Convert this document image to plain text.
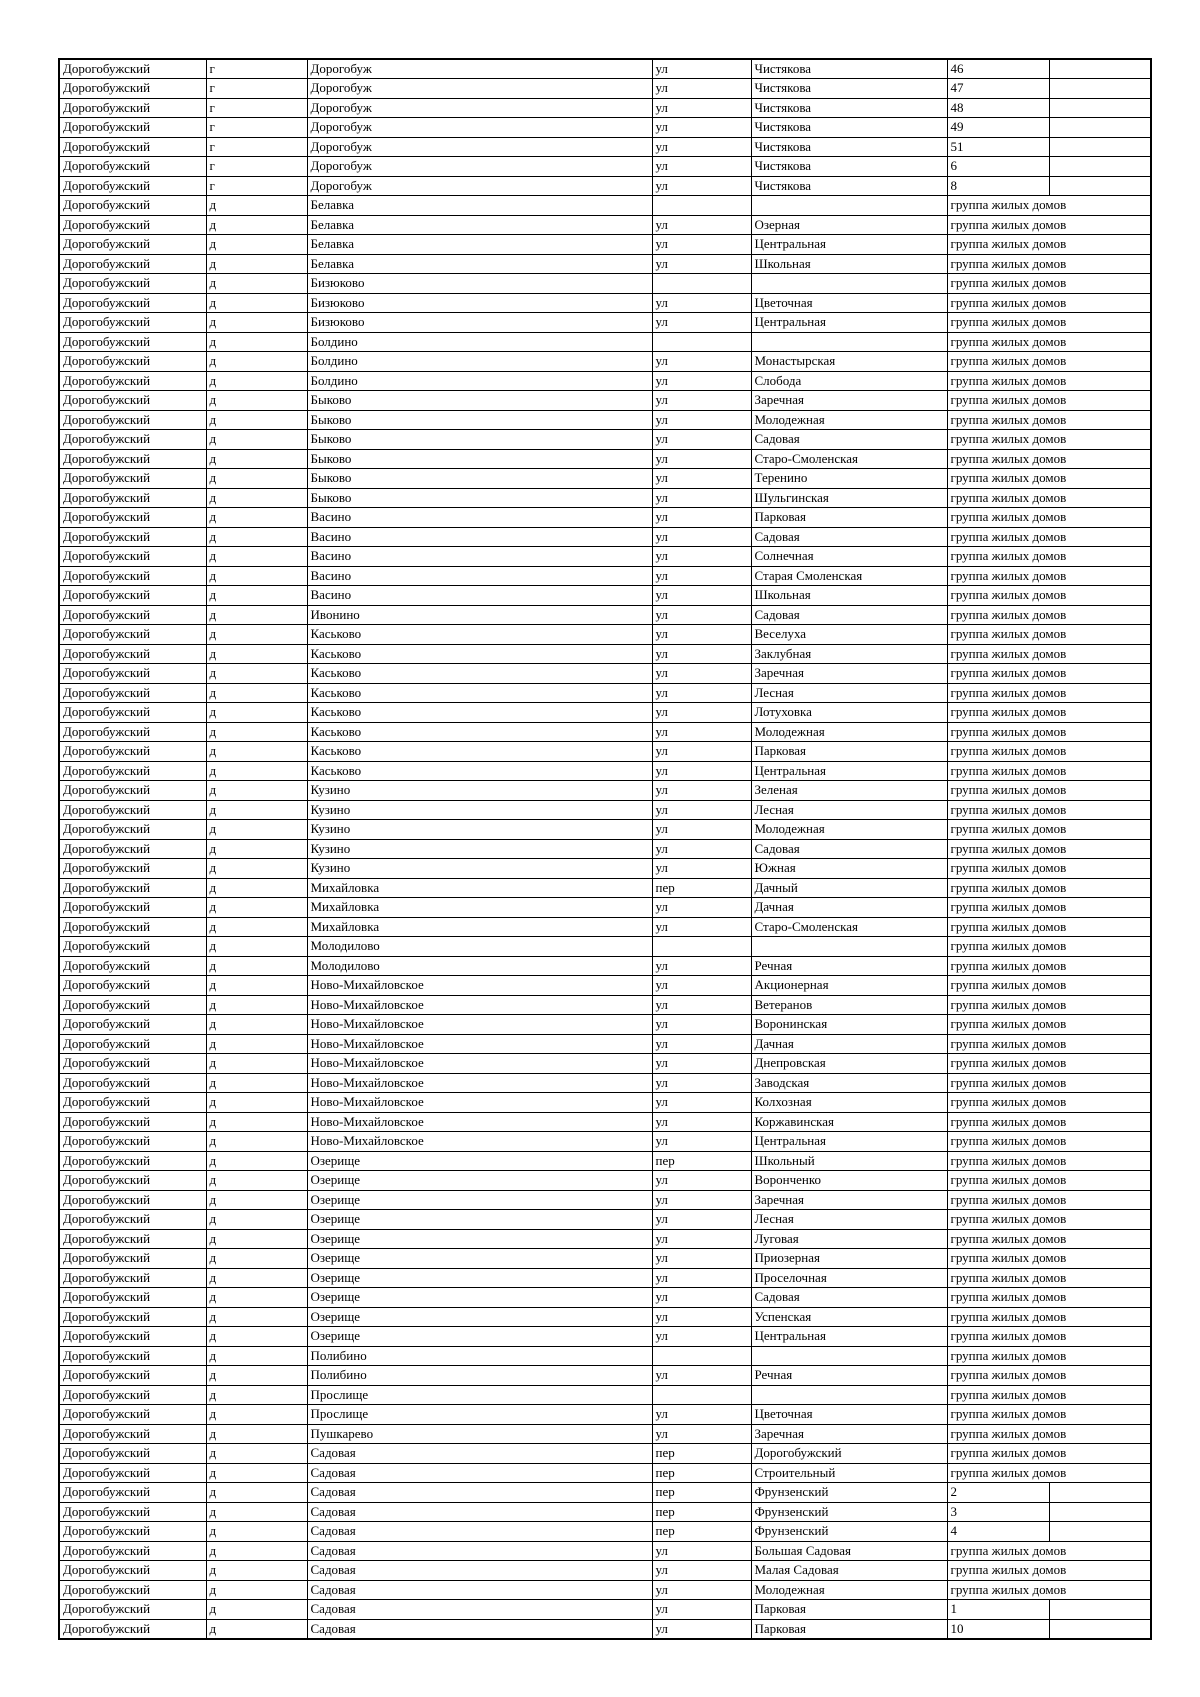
Дорогобужский	г	Дорогобуж	ул	Чистякова	46	
Дорогобужский	г	Дорогобуж	ул	Чистякова	47	
Дорогобужский	г	Дорогобуж	ул	Чистякова	48	
Дорогобужский	г	Дорогобуж	ул	Чистякова	49	
Дорогобужский	г	Дорогобуж	ул	Чистякова	51	
Дорогобужский	г	Дорогобуж	ул	Чистякова	6	
Дорогобужский	г	Дорогобуж	ул	Чистякова	8	
Дорогобужский	д	Белавка			группа жилых домов	
Дорогобужский	д	Белавка	ул	Озерная	группа жилых домов	
Дорогобужский	д	Белавка	ул	Центральная	группа жилых домов	
Дорогобужский	д	Белавка	ул	Школьная	группа жилых домов	
Дорогобужский	д	Бизюково			группа жилых домов	
Дорогобужский	д	Бизюково	ул	Цветочная	группа жилых домов	
Дорогобужский	д	Бизюково	ул	Центральная	группа жилых домов	
Дорогобужский	д	Болдино			группа жилых домов	
Дорогобужский	д	Болдино	ул	Монастырская	группа жилых домов	
Дорогобужский	д	Болдино	ул	Слобода	группа жилых домов	
Дорогобужский	д	Быково	ул	Заречная	группа жилых домов	
Дорогобужский	д	Быково	ул	Молодежная	группа жилых домов	
Дорогобужский	д	Быково	ул	Садовая	группа жилых домов	
Дорогобужский	д	Быково	ул	Старо-Смоленская	группа жилых домов	
Дорогобужский	д	Быково	ул	Теренино	группа жилых домов	
Дорогобужский	д	Быково	ул	Шульгинская	группа жилых домов	
Дорогобужский	д	Васино	ул	Парковая	группа жилых домов	
Дорогобужский	д	Васино	ул	Садовая	группа жилых домов	
Дорогобужский	д	Васино	ул	Солнечная	группа жилых домов	
Дорогобужский	д	Васино	ул	Старая Смоленская	группа жилых домов	
Дорогобужский	д	Васино	ул	Школьная	группа жилых домов	
Дорогобужский	д	Ивонино	ул	Садовая	группа жилых домов	
Дорогобужский	д	Каськово	ул	Веселуха	группа жилых домов	
Дорогобужский	д	Каськово	ул	Заклубная	группа жилых домов	
Дорогобужский	д	Каськово	ул	Заречная	группа жилых домов	
Дорогобужский	д	Каськово	ул	Лесная	группа жилых домов	
Дорогобужский	д	Каськово	ул	Лотуховка	группа жилых домов	
Дорогобужский	д	Каськово	ул	Молодежная	группа жилых домов	
Дорогобужский	д	Каськово	ул	Парковая	группа жилых домов	
Дорогобужский	д	Каськово	ул	Центральная	группа жилых домов	
Дорогобужский	д	Кузино	ул	Зеленая	группа жилых домов	
Дорогобужский	д	Кузино	ул	Лесная	группа жилых домов	
Дорогобужский	д	Кузино	ул	Молодежная	группа жилых домов	
Дорогобужский	д	Кузино	ул	Садовая	группа жилых домов	
Дорогобужский	д	Кузино	ул	Южная	группа жилых домов	
Дорогобужский	д	Михайловка	пер	Дачный	группа жилых домов	
Дорогобужский	д	Михайловка	ул	Дачная	группа жилых домов	
Дорогобужский	д	Михайловка	ул	Старо-Смоленская	группа жилых домов	
Дорогобужский	д	Молодилово			группа жилых домов	
Дорогобужский	д	Молодилово	ул	Речная	группа жилых домов	
Дорогобужский	д	Ново-Михайловское	ул	Акционерная	группа жилых домов	
Дорогобужский	д	Ново-Михайловское	ул	Ветеранов	группа жилых домов	
Дорогобужский	д	Ново-Михайловское	ул	Воронинская	группа жилых домов	
Дорогобужский	д	Ново-Михайловское	ул	Дачная	группа жилых домов	
Дорогобужский	д	Ново-Михайловское	ул	Днепровская	группа жилых домов	
Дорогобужский	д	Ново-Михайловское	ул	Заводская	группа жилых домов	
Дорогобужский	д	Ново-Михайловское	ул	Колхозная	группа жилых домов	
Дорогобужский	д	Ново-Михайловское	ул	Коржавинская	группа жилых домов	
Дорогобужский	д	Ново-Михайловское	ул	Центральная	группа жилых домов	
Дорогобужский	д	Озерище	пер	Школьный	группа жилых домов	
Дорогобужский	д	Озерище	ул	Воронченко	группа жилых домов	
Дорогобужский	д	Озерище	ул	Заречная	группа жилых домов	
Дорогобужский	д	Озерище	ул	Лесная	группа жилых домов	
Дорогобужский	д	Озерище	ул	Луговая	группа жилых домов	
Дорогобужский	д	Озерище	ул	Приозерная	группа жилых домов	
Дорогобужский	д	Озерище	ул	Проселочная	группа жилых домов	
Дорогобужский	д	Озерище	ул	Садовая	группа жилых домов	
Дорогобужский	д	Озерище	ул	Успенская	группа жилых домов	
Дорогобужский	д	Озерище	ул	Центральная	группа жилых домов	
Дорогобужский	д	Полибино			группа жилых домов	
Дорогобужский	д	Полибино	ул	Речная	группа жилых домов	
Дорогобужский	д	Прослище			группа жилых домов	
Дорогобужский	д	Прослище	ул	Цветочная	группа жилых домов	
Дорогобужский	д	Пушкарево	ул	Заречная	группа жилых домов	
Дорогобужский	д	Садовая	пер	Дорогобужский	группа жилых домов	
Дорогобужский	д	Садовая	пер	Строительный	группа жилых домов	
Дорогобужский	д	Садовая	пер	Фрунзенский	2	
Дорогобужский	д	Садовая	пер	Фрунзенский	3	
Дорогобужский	д	Садовая	пер	Фрунзенский	4	
Дорогобужский	д	Садовая	ул	Большая Садовая	группа жилых домов	
Дорогобужский	д	Садовая	ул	Малая Садовая	группа жилых домов	
Дорогобужский	д	Садовая	ул	Молодежная	группа жилых домов	
Дорогобужский	д	Садовая	ул	Парковая	1	
Дорогобужский	д	Садовая	ул	Парковая	10	
